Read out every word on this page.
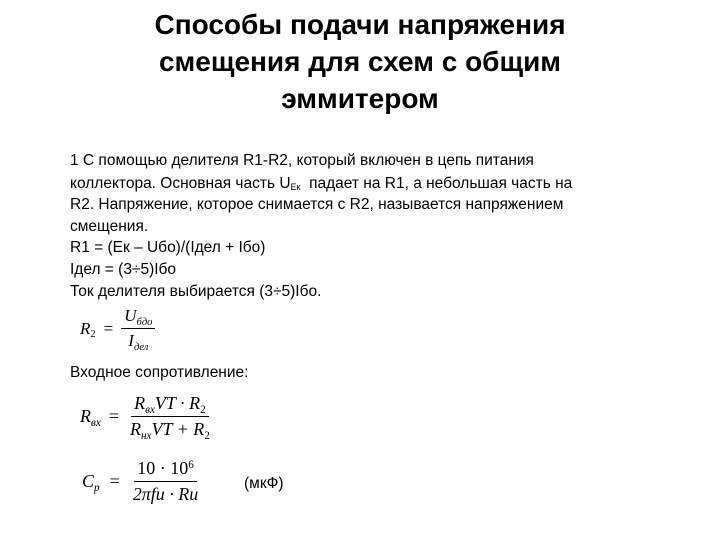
Способы подачи напряжения
смещения для схем с общим
эммитером
1 С помощью делителя R1-R2, который включен в цепь питания
коллектора. Основная часть UЕк  падает на R1, а небольшая часть на
R2. Напряжение, которое снимается с R2, называется напряжением
смещения.
R1 = (Ек – Uбо)/(Iдел + Iбо)
Iдел = (3÷5)Iбо
Ток делителя выбирается (3÷5)Iбо.
$R_2 = \frac{U_{бдо}}{I_{дел}}$
Входное сопротивление:
$R_{вх} = \frac{R_{вх}VT \cdot R_2}{R_{нх}VT + R_2}$
$C_p = \frac{10 \cdot 10^6}{\text{2πfu · Ru}}$	(мкФ)
